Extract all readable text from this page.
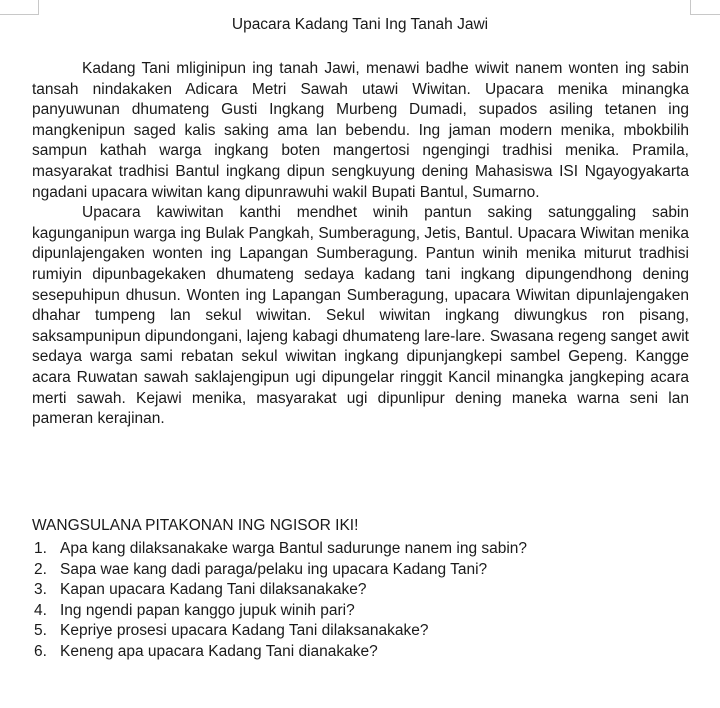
Upacara Kadang Tani Ing Tanah Jawi

Kadang Tani mliginipun ing tanah Jawi, menawi badhe wiwit nanem wonten ing sabin tansah nindakaken Adicara Metri Sawah utawi Wiwitan. Upacara menika minangka panyuwunan dhumateng Gusti Ingkang Murbeng Dumadi, supados asiling tetanen ing mangkenipun saged kalis saking ama lan bebendu. Ing jaman modern menika, mbokbilih sampun kathah warga ingkang boten mangertosi ngengingi tradhisi menika. Pramila, masyarakat tradhisi Bantul ingkang dipun sengkuyung dening Mahasiswa ISI Ngayogyakarta ngadani upacara wiwitan kang dipunrawuhi wakil Bupati Bantul, Sumarno.

Upacara kawiwitan kanthi mendhet winih pantun saking satunggaling sabin kagunganipun warga ing Bulak Pangkah, Sumberagung, Jetis, Bantul. Upacara Wiwitan menika dipunlajengaken wonten ing Lapangan Sumberagung. Pantun winih menika miturut tradhisi rumiyin dipunbagekaken dhumateng sedaya kadang tani ingkang dipungendhong dening sesepuhipun dhusun. Wonten ing Lapangan Sumberagung, upacara Wiwitan dipunlajengaken dhahar tumpeng lan sekul wiwitan. Sekul wiwitan ingkang diwungkus ron pisang, saksampunipun dipundongani, lajeng kabagi dhumateng lare-lare. Swasana regeng sanget awit sedaya warga sami rebatan sekul wiwitan ingkang dipunjangkepi sambel Gepeng. Kangge acara Ruwatan sawah saklajengipun ugi dipungelar ringgit Kancil minangka jangkeping acara merti sawah. Kejawi menika, masyarakat ugi dipunlipur dening maneka warna seni lan pameran kerajinan.

WANGSULANA PITAKONAN ING NGISOR IKI!
1. Apa kang dilaksanakake warga Bantul sadurunge nanem ing sabin?
2. Sapa wae kang dadi paraga/pelaku ing upacara Kadang Tani?
3. Kapan upacara Kadang Tani dilaksanakake?
4. Ing ngendi papan kanggo jupuk winih pari?
5. Kepriye prosesi upacara Kadang Tani dilaksanakake?
6. Keneng apa upacara Kadang Tani dianakake?
